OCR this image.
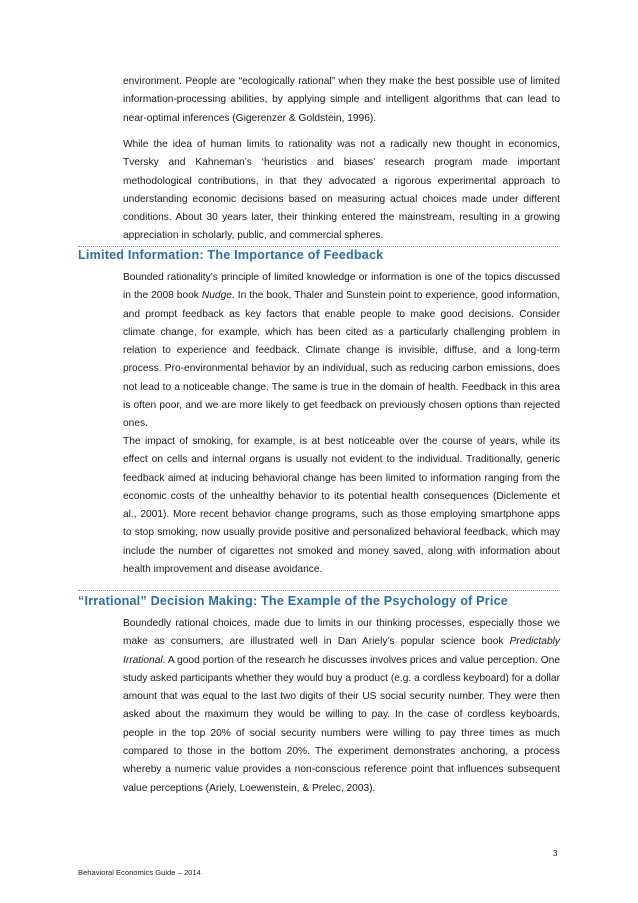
environment. People are “ecologically rational” when they make the best possible use of limited information-processing abilities, by applying simple and intelligent algorithms that can lead to near-optimal inferences (Gigerenzer & Goldstein, 1996).

While the idea of human limits to rationality was not a radically new thought in economics, Tversky and Kahneman’s ‘heuristics and biases’ research program made important methodological contributions, in that they advocated a rigorous experimental approach to understanding economic decisions based on measuring actual choices made under different conditions. About 30 years later, their thinking entered the mainstream, resulting in a growing appreciation in scholarly, public, and commercial spheres.

Limited Information: The Importance of Feedback

Bounded rationality’s principle of limited knowledge or information is one of the topics discussed in the 2008 book Nudge. In the book, Thaler and Sunstein point to experience, good information, and prompt feedback as key factors that enable people to make good decisions. Consider climate change, for example, which has been cited as a particularly challenging problem in relation to experience and feedback. Climate change is invisible, diffuse, and a long-term process. Pro-environmental behavior by an individual, such as reducing carbon emissions, does not lead to a noticeable change. The same is true in the domain of health. Feedback in this area is often poor, and we are more likely to get feedback on previously chosen options than rejected ones.

The impact of smoking, for example, is at best noticeable over the course of years, while its effect on cells and internal organs is usually not evident to the individual. Traditionally, generic feedback aimed at inducing behavioral change has been limited to information ranging from the economic costs of the unhealthy behavior to its potential health consequences (Diclemente et al., 2001). More recent behavior change programs, such as those employing smartphone apps to stop smoking, now usually provide positive and personalized behavioral feedback, which may include the number of cigarettes not smoked and money saved, along with information about health improvement and disease avoidance.

“Irrational” Decision Making: The Example of the Psychology of Price

Boundedly rational choices, made due to limits in our thinking processes, especially those we make as consumers, are illustrated well in Dan Ariely’s popular science book Predictably Irrational. A good portion of the research he discusses involves prices and value perception. One study asked participants whether they would buy a product (e.g. a cordless keyboard) for a dollar amount that was equal to the last two digits of their US social security number. They were then asked about the maximum they would be willing to pay. In the case of cordless keyboards, people in the top 20% of social security numbers were willing to pay three times as much compared to those in the bottom 20%. The experiment demonstrates anchoring, a process whereby a numeric value provides a non-conscious reference point that influences subsequent value perceptions (Ariely, Loewenstein, & Prelec, 2003).

3
Behavioral Economics Guide – 2014
